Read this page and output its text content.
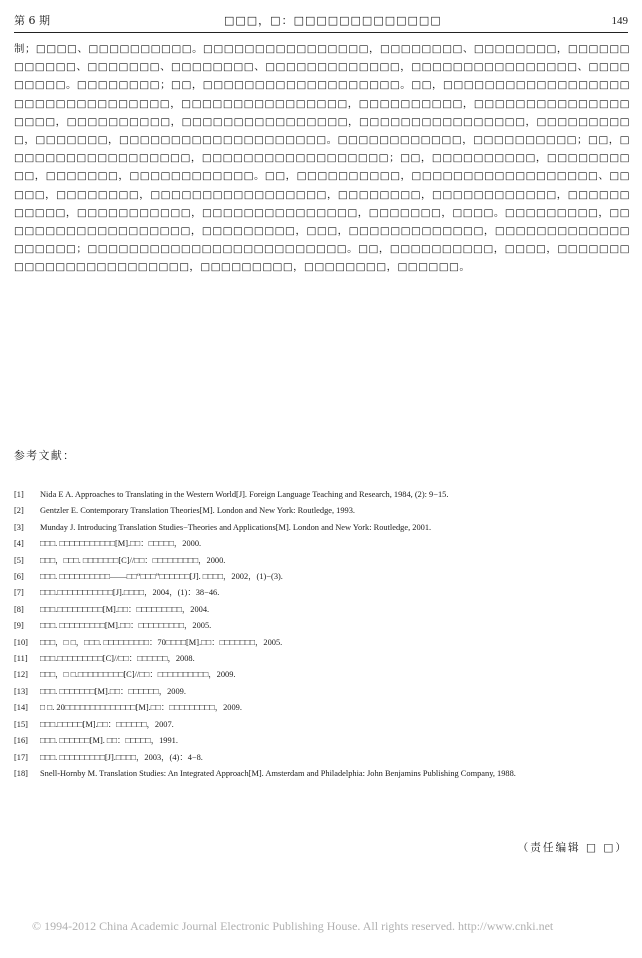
第 6 期	□□□，□：□□□□□□□□□□□□□	149
制；□□□□、□□□□□□□□□□。□□□□□□□□□□□□□□□□，□□□□□□□□、□□□□□□□□，□□□□□□□□□□□□、□□□□□□□、□□□□□□□□、□□□□□□□□□□□□□，□□□□□□□□□□□□□□□□、□□□□□□□□□。□□□□□□□□；□□，□□□□□□□□□□□□□□□□□□□。□□，□□□□□□□□□□□□□□□□□□□□□□□□□□□□□□□□□，□□□□□□□□□□□□□□□□，□□□□□□□□□□，□□□□□□□□□□□□□□□□□□□，□□□□□□□□□□，□□□□□□□□□□□□□□□□，□□□□□□□□□□□□□□□□，□□□□□□□□□□，□□□□□□□，□□□□□□□□□□□□□□□□□□□□。□□□□□□□□□□□□，□□□□□□□□□□；□□，□□□□□□□□□□□□□□□□□□，□□□□□□□□□□□□□□□□□□；□□，□□□□□□□□□□，□□□□□□□□□□，□□□□□□□，□□□□□□□□□□□□。□□，□□□□□□□□□□，□□□□□□□□□□□□□□□□□□、□□□□□，□□□□□□□□，□□□□□□□□□□□□□□□□□，□□□□□□□□，□□□□□□□□□□□□，□□□□□□□□□□□，□□□□□□□□□□□，□□□□□□□□□□□□□□□，□□□□□□□，□□□□。□□□□□□□□□，□□□□□□□□□□□□□□□□□□□，□□□□□□□□□，□□□，□□□□□□□□□□□□□，□□□□□□□□□□□□□□□□□□□；□□□□□□□□□□□□□□□□□□□□□□□□□。□□，□□□□□□□□□□，□□□□，□□□□□□□□□□□□□□□□□□□□□□□□，□□□□□□□□□，□□□□□□□□，□□□□□□。
参考文献：
[1] Nida E A. Approaches to Translating in the Western World[J]. Foreign Language Teaching and Research, 1984, (2): 9−15.
[2] Gentzler E. Contemporary Translation Theories[M]. London and New York: Routledge, 1993.
[3] Munday J. Introducing Translation Studies−Theories and Applications[M]. London and New York: Routledge, 2001.
[4] □□□. □□□□□□□□□□□[M].□□：□□□□□，2000.
[5] □□□，□□□. □□□□□□□[C]//□□：□□□□□□□□□，2000.
[6] □□□. □□□□□□□□□□——□□“□□□”□□□□□□[J]. □□□□，2002，(1)−(3).
[7] □□□.□□□□□□□□□□□[J].□□□□，2004，(1)：38−46.
[8] □□□.□□□□□□□□□[M].□□：□□□□□□□□□，2004.
[9] □□□. □□□□□□□□□[M].□□：□□□□□□□□□，2005.
[10] □□□，□ □，□□□. □□□□□□□□□：70□□□□[M].□□：□□□□□□□，2005.
[11] □□□.□□□□□□□□□[C]//□□：□□□□□□，2008.
[12] □□□，□ □.□□□□□□□□□[C]//□□：□□□□□□□□□□，2009.
[13] □□□. □□□□□□□[M].□□：□□□□□□，2009.
[14] □ □. 20□□□□□□□□□□□□□□[M].□□：□□□□□□□□□，2009.
[15] □□□.□□□□□[M].□□：□□□□□□，2007.
[16] □□□. □□□□□□[M]. □□：□□□□□，1991.
[17] □□□. □□□□□□□□□[J].□□□□，2003，(4)：4−8.
[18] Snell-Hornby M. Translation Studies: An Integrated Approach[M]. Amsterdam and Philadelphia: John Benjamins Publishing Company, 1988.
（责任编辑 □ □）
© 1994-2012 China Academic Journal Electronic Publishing House. All rights reserved. http://www.cnki.net
